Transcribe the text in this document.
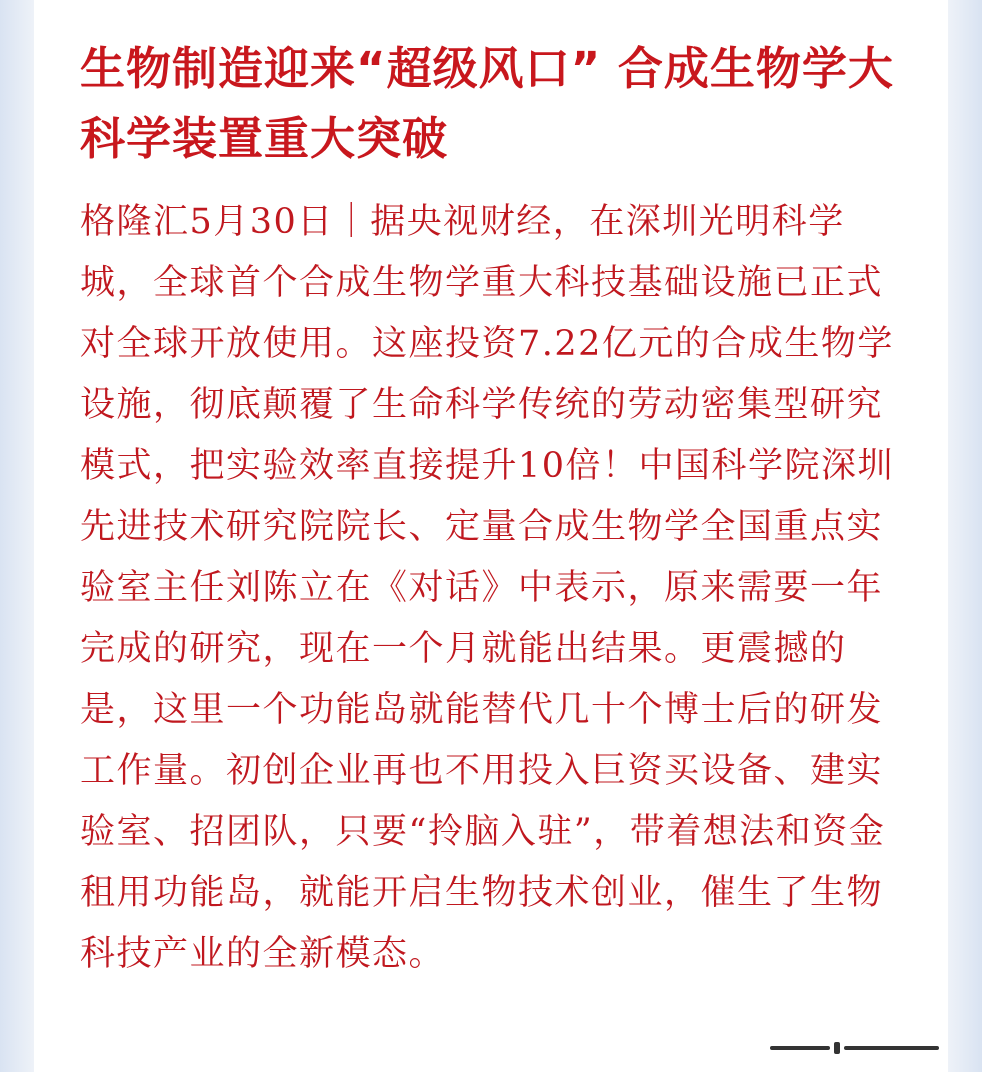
生物制造迎来“超级风口” 合成生物学大科学装置重大突破

格隆汇5月30日｜据央视财经，在深圳光明科学城，全球首个合成生物学重大科技基础设施已正式对全球开放使用。这座投资7.22亿元的合成生物学设施，彻底颠覆了生命科学传统的劳动密集型研究模式，把实验效率直接提升10倍！中国科学院深圳先进技术研究院院长、定量合成生物学全国重点实验室主任刘陈立在《对话》中表示，原来需要一年完成的研究，现在一个月就能出结果。更震撼的是，这里一个功能岛就能替代几十个博士后的研发工作量。初创企业再也不用投入巨资买设备、建实验室、招团队，只要“拎脑入驻”，带着想法和资金租用功能岛，就能开启生物技术创业，催生了生物科技产业的全新模态。
